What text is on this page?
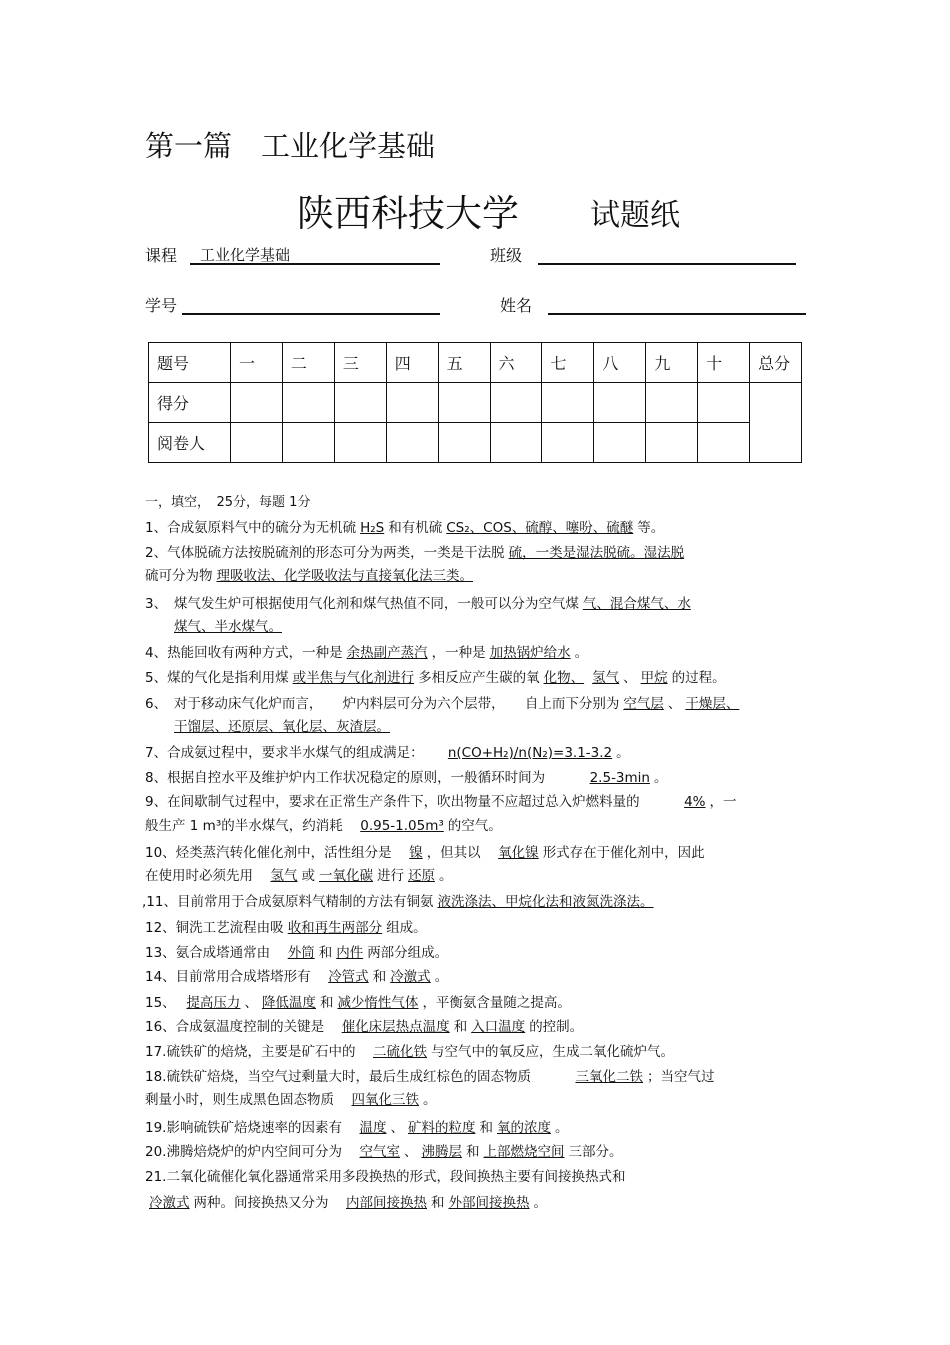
第一篇　工业化学基础
陕西科技大学 试题纸
课程 工业化学基础	班级
学号	姓名
题号	一	二	三	四	五	六	七	八	九	十	总分
得分											
阅卷人											
一，填空，　25分，每题 1分
1、合成氨原料气中的硫分为无机硫 H₂S 和有机硫 CS₂、COS、硫醇、噻吩、硫醚 等。
2、气体脱硫方法按脱硫剂的形态可分为两类，一类是干法脱 硫，一类是湿法脱硫。湿法脱
硫可分为物 理吸收法、化学吸收法与直接氧化法三类。
3、　煤气发生炉可根据使用气化剂和煤气热值不同，一般可以分为空气煤 气、混合煤气、水
煤气、半水煤气。
4、热能回收有两种方式，一种是 余热副产蒸汽 ，一种是 加热锅炉给水 。
5、煤的气化是指利用煤 或半焦与气化剂进行 多相反应产生碳的氧 化物、 氢气 、 甲烷 的过程。
6、　对于移动床气化炉而言，　　炉内料层可分为六个层带，　　自上而下分别为 空气层 、 干燥层、
干馏层、还原层、氧化层、灰渣层。
7、合成氨过程中，要求半水煤气的组成满足：　　 n(CO+H₂)/n(N₂)=3.1-3.2 。
8、根据自控水平及维护炉内工作状况稳定的原则，一般循环时间为　　　	2.5-3min 。
9、在间歇制气过程中，要求在正常生产条件下，吹出物量不应超过总入炉燃料量的　　　	4% ，一
般生产 1 m³的半水煤气，约消耗　 0.95-1.05m³ 的空气。
10、烃类蒸汽转化催化剂中，活性组分是　 镍 ，但其以　 氧化镍 形式存在于催化剂中，因此
在使用时必须先用　 氢气 或 一氧化碳 进行 还原 。
,11、目前常用于合成氨原料气精制的方法有铜氨 液洗涤法、甲烷化法和液氮洗涤法。
12、铜洗工艺流程由吸 收和再生两部分 组成。
13、氨合成塔通常由　 外筒 和 内件 两部分组成。
14、目前常用合成塔塔形有　 冷管式 和 冷激式 。
15、　 提高压力 、 降低温度 和 减少惰性气体 ，平衡氨含量随之提高。
16、合成氨温度控制的关键是　 催化床层热点温度 和 入口温度 的控制。
17.硫铁矿的焙烧，主要是矿石中的　 二硫化铁 与空气中的氧反应，生成二氧化硫炉气。
18.硫铁矿焙烧，当空气过剩量大时，最后生成红棕色的固态物质　　　	三氧化二铁 ；当空气过
剩量小时，则生成黑色固态物质　 四氧化三铁 。
19.影响硫铁矿焙烧速率的因素有　 温度 、 矿料的粒度 和 氧的浓度 。
20.沸腾焙烧炉的炉内空间可分为　 空气室 、 沸腾层 和 上部燃烧空间 三部分。
21.二氧化硫催化氧化器通常采用多段换热的形式，段间换热主要有间接换热式和
冷激式 两种。间接换热又分为　 内部间接换热 和 外部间接换热 。
